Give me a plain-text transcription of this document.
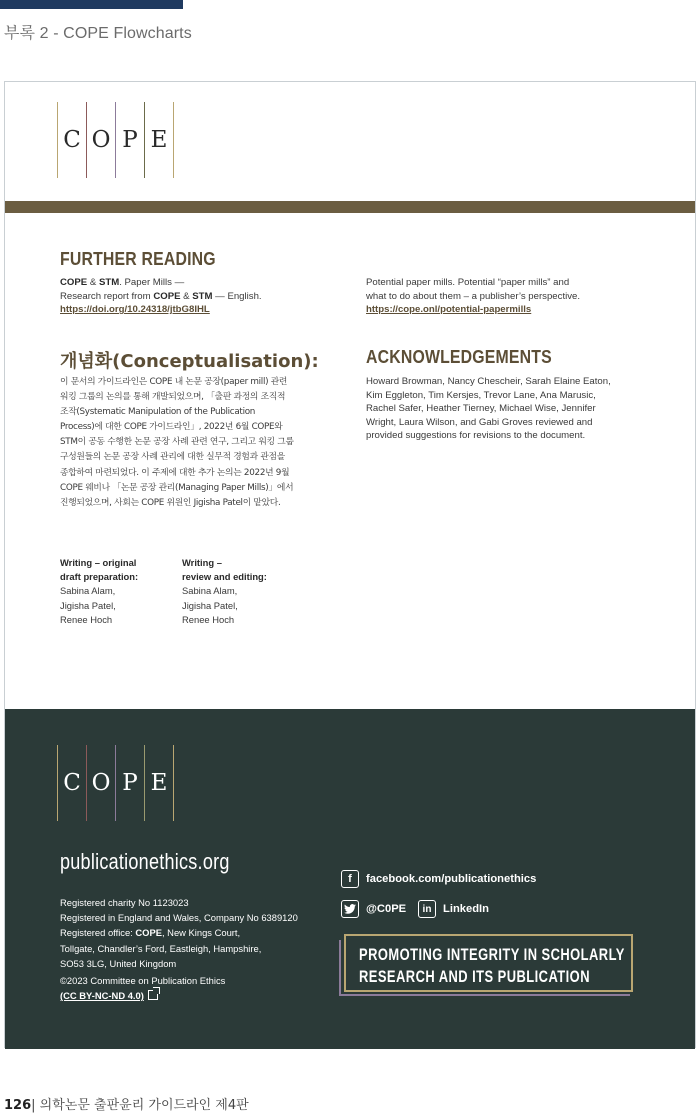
부록 2 - COPE Flowcharts
C O P E
FURTHER READING
COPE & STM. Paper Mills —
Research report from COPE & STM — English.
https://doi.org/10.24318/jtbG8IHL
Potential paper mills. Potential “paper mills” and
what to do about them – a publisher’s perspective.
https://cope.onl/potential-papermills
개념화(Conceptualisation):
이 문서의 가이드라인은 COPE 내 논문 공장(paper mill) 관련
워킹 그룹의 논의를 통해 개발되었으며, 「출판 과정의 조직적
조작(Systematic Manipulation of the Publication
Process)에 대한 COPE 가이드라인」, 2022년 6월 COPE와
STM이 공동 수행한 논문 공장 사례 관련 연구, 그리고 워킹 그룹
구성원들의 논문 공장 사례 관리에 대한 실무적 경험과 관점을
종합하여 마련되었다. 이 주제에 대한 추가 논의는 2022년 9월
COPE 웨비나 「논문 공장 관리(Managing Paper Mills)」에서
진행되었으며, 사회는 COPE 위원인 Jigisha Patel이 맡았다.
ACKNOWLEDGEMENTS
Howard Browman, Nancy Chescheir, Sarah Elaine Eaton,
Kim Eggleton, Tim Kersjes, Trevor Lane, Ana Marusic,
Rachel Safer, Heather Tierney, Michael Wise, Jennifer
Wright, Laura Wilson, and Gabi Groves reviewed and
provided suggestions for revisions to the document.
Writing – original
draft preparation:
Sabina Alam,
Jigisha Patel,
Renee Hoch
Writing –
review and editing:
Sabina Alam,
Jigisha Patel,
Renee Hoch
C O P E
publicationethics.org
Registered charity No 1123023
Registered in England and Wales, Company No 6389120
Registered office: COPE, New Kings Court,
Tollgate, Chandler’s Ford, Eastleigh, Hampshire,
SO53 3LG, United Kingdom
©2023 Committee on Publication Ethics
(CC BY-NC-ND 4.0)
f	facebook.com/publicationethics
@C0PE	in	LinkedIn
PROMOTING INTEGRITY IN SCHOLARLY
RESEARCH AND ITS PUBLICATION
126| 의학논문 출판윤리 가이드라인 제4판
